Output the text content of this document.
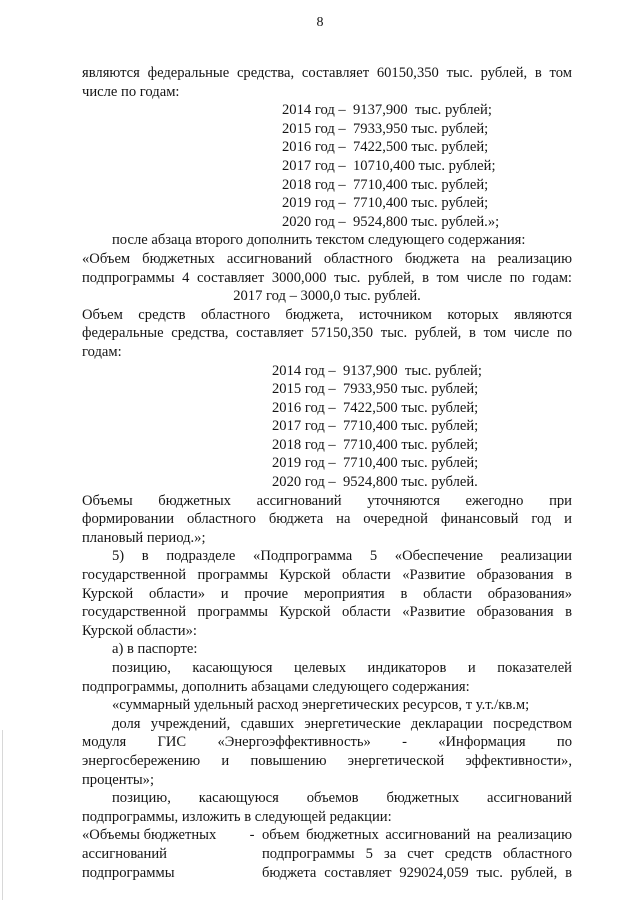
8

являются федеральные средства, составляет 60150,350 тыс. рублей, в том

числе по годам:

2014 год –  9137,900  тыс. рублей;
2015 год –  7933,950 тыс. рублей;
2016 год –  7422,500 тыс. рублей;
2017 год –  10710,400 тыс. рублей;
2018 год –  7710,400 тыс. рублей;
2019 год –  7710,400 тыс. рублей;
2020 год –  9524,800 тыс. рублей.»;

после абзаца второго дополнить текстом следующего содержания:

«Объем бюджетных ассигнований областного бюджета на реализацию

подпрограммы 4 составляет 3000,000 тыс. рублей, в том числе по годам:

2017 год – 3000,0 тыс. рублей.

Объем средств областного бюджета, источником которых являются

федеральные средства, составляет 57150,350 тыс. рублей, в том числе по

годам:

2014 год –  9137,900  тыс. рублей;
2015 год –  7933,950 тыс. рублей;
2016 год –  7422,500 тыс. рублей;
2017 год –  7710,400 тыс. рублей;
2018 год –  7710,400 тыс. рублей;
2019 год –  7710,400 тыс. рублей;
2020 год –  9524,800 тыс. рублей.

Объемы бюджетных ассигнований уточняются ежегодно при

формировании областного бюджета на очередной финансовый год и

плановый период.»;

5) в подразделе «Подпрограмма 5 «Обеспечение реализации

государственной программы Курской области «Развитие образования в

Курской области» и прочие мероприятия в области образования»

государственной программы Курской области «Развитие образования в

Курской области»:

а) в паспорте:

позицию, касающуюся целевых индикаторов и показателей

подпрограммы, дополнить абзацами следующего содержания:

«суммарный удельный расход энергетических ресурсов, т у.т./кв.м;

доля учреждений, сдавших энергетические декларации посредством

модуля ГИС «Энергоэффективность» - «Информация по

энергосбережению и повышению энергетической эффективности»,

проценты»;

позицию, касающуюся объемов бюджетных ассигнований

подпрограммы, изложить в следующей редакции:

«Объемы бюджетных
ассигнований
подпрограммы
- объем бюджетных ассигнований на реализацию
подпрограммы 5 за счет средств областного
бюджета составляет 929024,059 тыс. рублей, в
